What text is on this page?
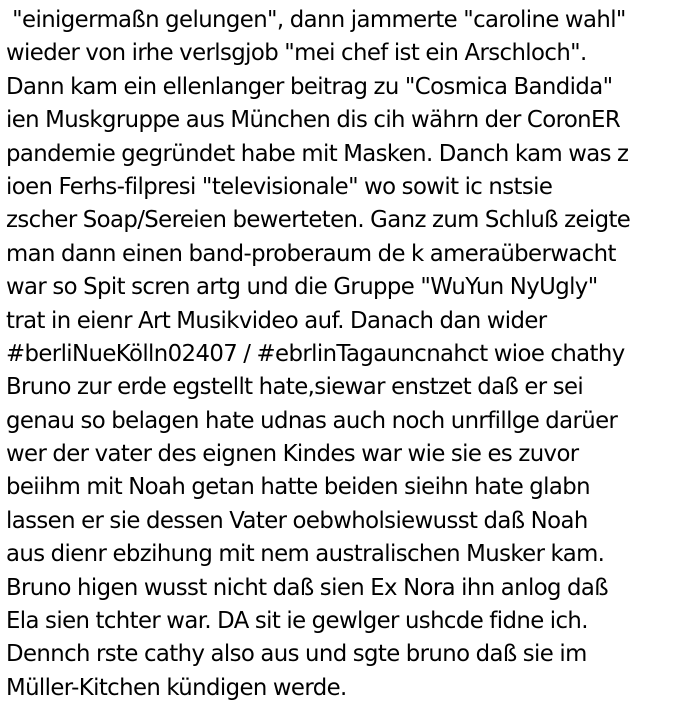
"einigermaßn gelungen", dann jammerte "caroline wahl"
wieder von irhe verlsgjob "mei chef ist ein Arschloch".
Dann kam ein ellenlanger beitrag zu "Cosmica Bandida"
ien Muskgruppe aus München dis cih währn der CoronER
pandemie gegründet habe mit Masken. Danch kam was z
ioen Ferhs-filpresi "televisionale" wo sowit ic nstsie
zscher Soap/Sereien bewerteten. Ganz zum Schluß zeigte
man dann einen band-proberaum de k ameraüberwacht
war so Spit scren artg und die Gruppe "WuYun NyUgly"
trat in eienr Art Musikvideo auf. Danach dan wider
#berliNueKölln02407 / #ebrlinTagauncnahct wioe chathy
Bruno zur erde egstellt hate,siewar enstzet daß er sei
genau so belagen hate udnas auch noch unrfillge darüer
wer der vater des eignen Kindes war wie sie es zuvor
beiihm mit Noah getan hatte beiden sieihn hate glabn
lassen er sie dessen Vater oebwholsiewusst daß Noah
aus dienr ebzihung mit nem australischen Musker kam.
Bruno higen wusst nicht daß sien Ex Nora ihn anlog daß
Ela sien tchter war. DA sit ie gewlger ushcde fidne ich.
Dennch rste cathy also aus und sgte bruno daß sie im
Müller-Kitchen kündigen werde.
